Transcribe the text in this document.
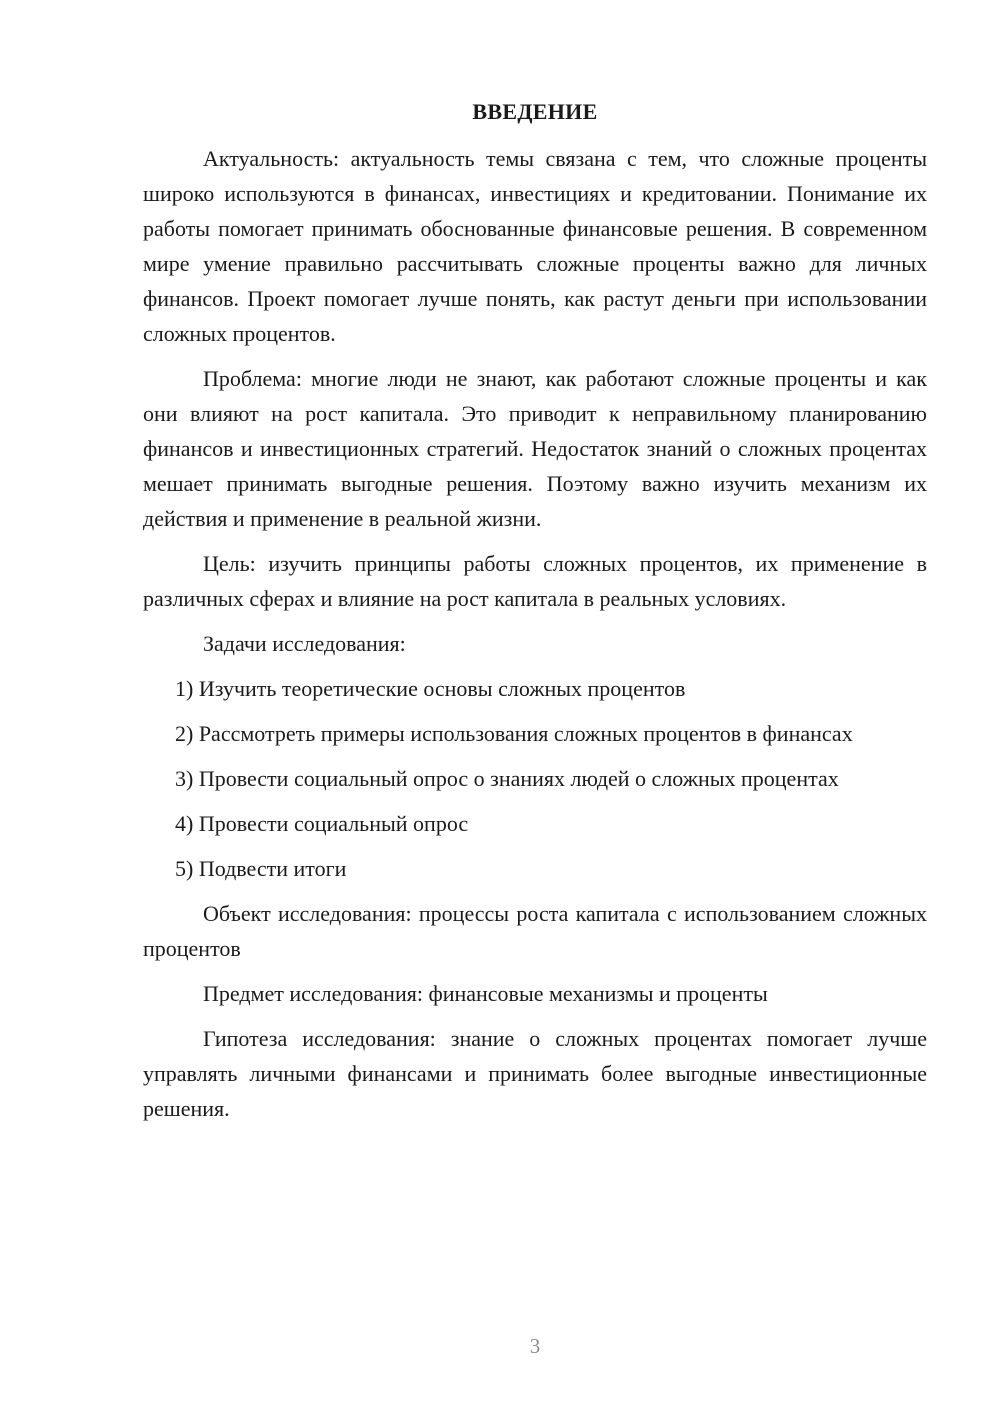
ВВЕДЕНИЕ

Актуальность: актуальность темы связана с тем, что сложные проценты широко используются в финансах, инвестициях и кредитовании. Понимание их работы помогает принимать обоснованные финансовые решения. В современном мире умение правильно рассчитывать сложные проценты важно для личных финансов. Проект помогает лучше понять, как растут деньги при использовании сложных процентов.

Проблема: многие люди не знают, как работают сложные проценты и как они влияют на рост капитала. Это приводит к неправильному планированию финансов и инвестиционных стратегий. Недостаток знаний о сложных процентах мешает принимать выгодные решения. Поэтому важно изучить механизм их действия и применение в реальной жизни.

Цель: изучить принципы работы сложных процентов, их применение в различных сферах и влияние на рост капитала в реальных условиях.

Задачи исследования:

1) Изучить теоретические основы сложных процентов

2) Рассмотреть примеры использования сложных процентов в финансах

3) Провести социальный опрос о знаниях людей о сложных процентах

4) Провести социальный опрос

5) Подвести итоги

Объект исследования: процессы роста капитала с использованием сложных процентов

Предмет исследования: финансовые механизмы и проценты

Гипотеза исследования: знание о сложных процентах помогает лучше управлять личными финансами и принимать более выгодные инвестиционные решения.

3
